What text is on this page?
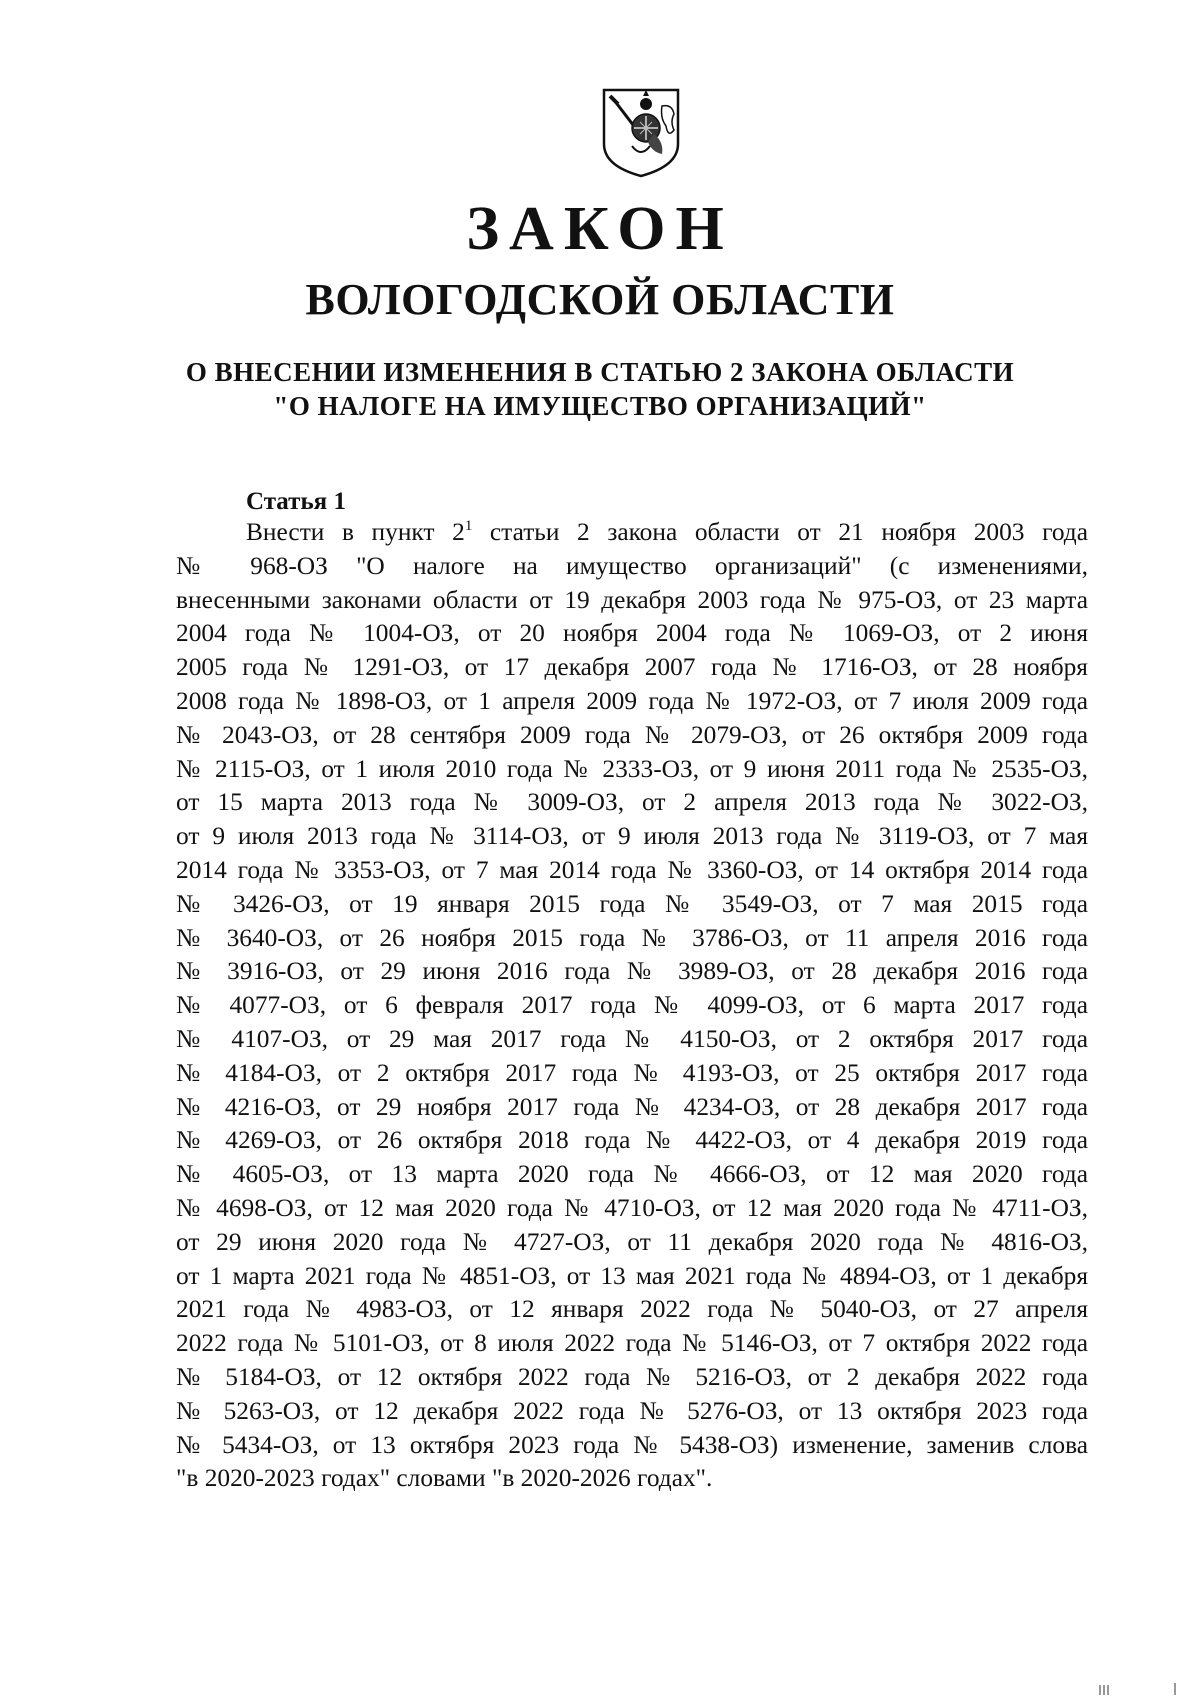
ЗАКОН
ВОЛОГОДСКОЙ ОБЛАСТИ
О ВНЕСЕНИИ ИЗМЕНЕНИЯ В СТАТЬЮ 2 ЗАКОНА ОБЛАСТИ
"О НАЛОГЕ НА ИМУЩЕСТВО ОРГАНИЗАЦИЙ"
Статья 1
Внести в пункт $2^1$ статьи 2 закона области от 21 ноября 2003 года
№ 968-ОЗ "О налоге на имущество организаций" (с изменениями,
внесенными законами области от 19 декабря 2003 года № 975-ОЗ, от 23 марта
2004 года № 1004-ОЗ, от 20 ноября 2004 года № 1069-ОЗ, от 2 июня
2005 года № 1291-ОЗ, от 17 декабря 2007 года № 1716-ОЗ, от 28 ноября
2008 года № 1898-ОЗ, от 1 апреля 2009 года № 1972-ОЗ, от 7 июля 2009 года
№ 2043-ОЗ, от 28 сентября 2009 года № 2079-ОЗ, от 26 октября 2009 года
№ 2115-ОЗ, от 1 июля 2010 года № 2333-ОЗ, от 9 июня 2011 года № 2535-ОЗ,
от 15 марта 2013 года № 3009-ОЗ, от 2 апреля 2013 года № 3022-ОЗ,
от 9 июля 2013 года № 3114-ОЗ, от 9 июля 2013 года № 3119-ОЗ, от 7 мая
2014 года № 3353-ОЗ, от 7 мая 2014 года № 3360-ОЗ, от 14 октября 2014 года
№ 3426-ОЗ, от 19 января 2015 года № 3549-ОЗ, от 7 мая 2015 года
№ 3640-ОЗ, от 26 ноября 2015 года № 3786-ОЗ, от 11 апреля 2016 года
№ 3916-ОЗ, от 29 июня 2016 года № 3989-ОЗ, от 28 декабря 2016 года
№ 4077-ОЗ, от 6 февраля 2017 года № 4099-ОЗ, от 6 марта 2017 года
№ 4107-ОЗ, от 29 мая 2017 года № 4150-ОЗ, от 2 октября 2017 года
№ 4184-ОЗ, от 2 октября 2017 года № 4193-ОЗ, от 25 октября 2017 года
№ 4216-ОЗ, от 29 ноября 2017 года № 4234-ОЗ, от 28 декабря 2017 года
№ 4269-ОЗ, от 26 октября 2018 года № 4422-ОЗ, от 4 декабря 2019 года
№ 4605-ОЗ, от 13 марта 2020 года № 4666-ОЗ, от 12 мая 2020 года
№ 4698-ОЗ, от 12 мая 2020 года № 4710-ОЗ, от 12 мая 2020 года № 4711-ОЗ,
от 29 июня 2020 года № 4727-ОЗ, от 11 декабря 2020 года № 4816-ОЗ,
от 1 марта 2021 года № 4851-ОЗ, от 13 мая 2021 года № 4894-ОЗ, от 1 декабря
2021 года № 4983-ОЗ, от 12 января 2022 года № 5040-ОЗ, от 27 апреля
2022 года № 5101-ОЗ, от 8 июля 2022 года № 5146-ОЗ, от 7 октября 2022 года
№ 5184-ОЗ, от 12 октября 2022 года № 5216-ОЗ, от 2 декабря 2022 года
№ 5263-ОЗ, от 12 декабря 2022 года № 5276-ОЗ, от 13 октября 2023 года
№ 5434-ОЗ, от 13 октября 2023 года № 5438-ОЗ) изменение, заменив слова
"в 2020-2023 годах" словами "в 2020-2026 годах".
